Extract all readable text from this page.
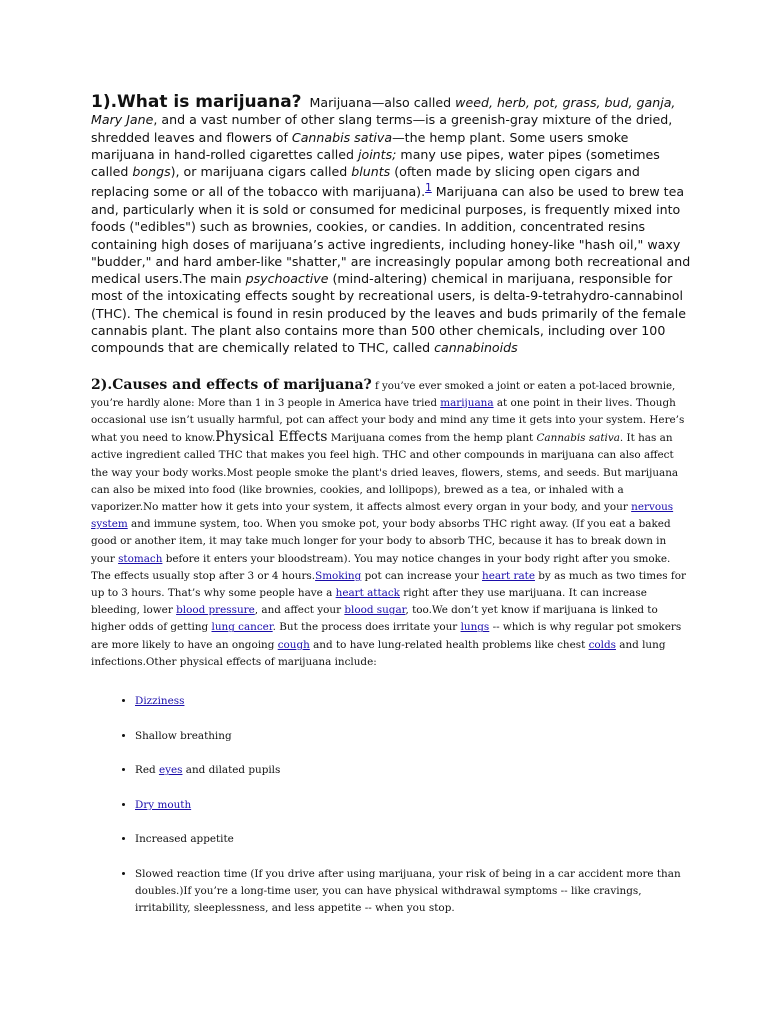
1).What is marijuana? Marijuana—also called weed, herb, pot, grass, bud, ganja, Mary Jane, and a vast number of other slang terms—is a greenish-gray mixture of the dried, shredded leaves and flowers of Cannabis sativa—the hemp plant. Some users smoke marijuana in hand-rolled cigarettes called joints; many use pipes, water pipes (sometimes called bongs), or marijuana cigars called blunts (often made by slicing open cigars and replacing some or all of the tobacco with marijuana).$^1$ Marijuana can also be used to brew tea and, particularly when it is sold or consumed for medicinal purposes, is frequently mixed into foods ("edibles") such as brownies, cookies, or candies. In addition, concentrated resins containing high doses of marijuana’s active ingredients, including honey-like "hash oil," waxy "budder," and hard amber-like "shatter," are increasingly popular among both recreational and medical users.The main psychoactive (mind-altering) chemical in marijuana, responsible for most of the intoxicating effects sought by recreational users, is delta-9-tetrahydro-cannabinol (THC). The chemical is found in resin produced by the leaves and buds primarily of the female cannabis plant. The plant also contains more than 500 other chemicals, including over 100 compounds that are chemically related to THC, called cannabinoids

2).Causes and effects of marijuana? f you’ve ever smoked a joint or eaten a pot-laced brownie, you’re hardly alone: More than 1 in 3 people in America have tried marijuana at one point in their lives. Though occasional use isn’t usually harmful, pot can affect your body and mind any time it gets into your system. Here’s what you need to know.Physical Effects Marijuana comes from the hemp plant Cannabis sativa. It has an active ingredient called THC that makes you feel high. THC and other compounds in marijuana can also affect the way your body works.Most people smoke the plant's dried leaves, flowers, stems, and seeds. But marijuana can also be mixed into food (like brownies, cookies, and lollipops), brewed as a tea, or inhaled with a vaporizer.No matter how it gets into your system, it affects almost every organ in your body, and your nervous system and immune system, too. When you smoke pot, your body absorbs THC right away. (If you eat a baked good or another item, it may take much longer for your body to absorb THC, because it has to break down in your stomach before it enters your bloodstream). You may notice changes in your body right after you smoke. The effects usually stop after 3 or 4 hours.Smoking pot can increase your heart rate by as much as two times for up to 3 hours. That’s why some people have a heart attack right after they use marijuana. It can increase bleeding, lower blood pressure, and affect your blood sugar, too.We don’t yet know if marijuana is linked to higher odds of getting lung cancer. But the process does irritate your lungs -- which is why regular pot smokers are more likely to have an ongoing cough and to have lung-related health problems like chest colds and lung infections.Other physical effects of marijuana include:

• Dizziness
• Shallow breathing
• Red eyes and dilated pupils
• Dry mouth
• Increased appetite
• Slowed reaction time (If you drive after using marijuana, your risk of being in a car accident more than doubles.)If you’re a long-time user, you can have physical withdrawal symptoms -- like cravings, irritability, sleeplessness, and less appetite -- when you stop.
